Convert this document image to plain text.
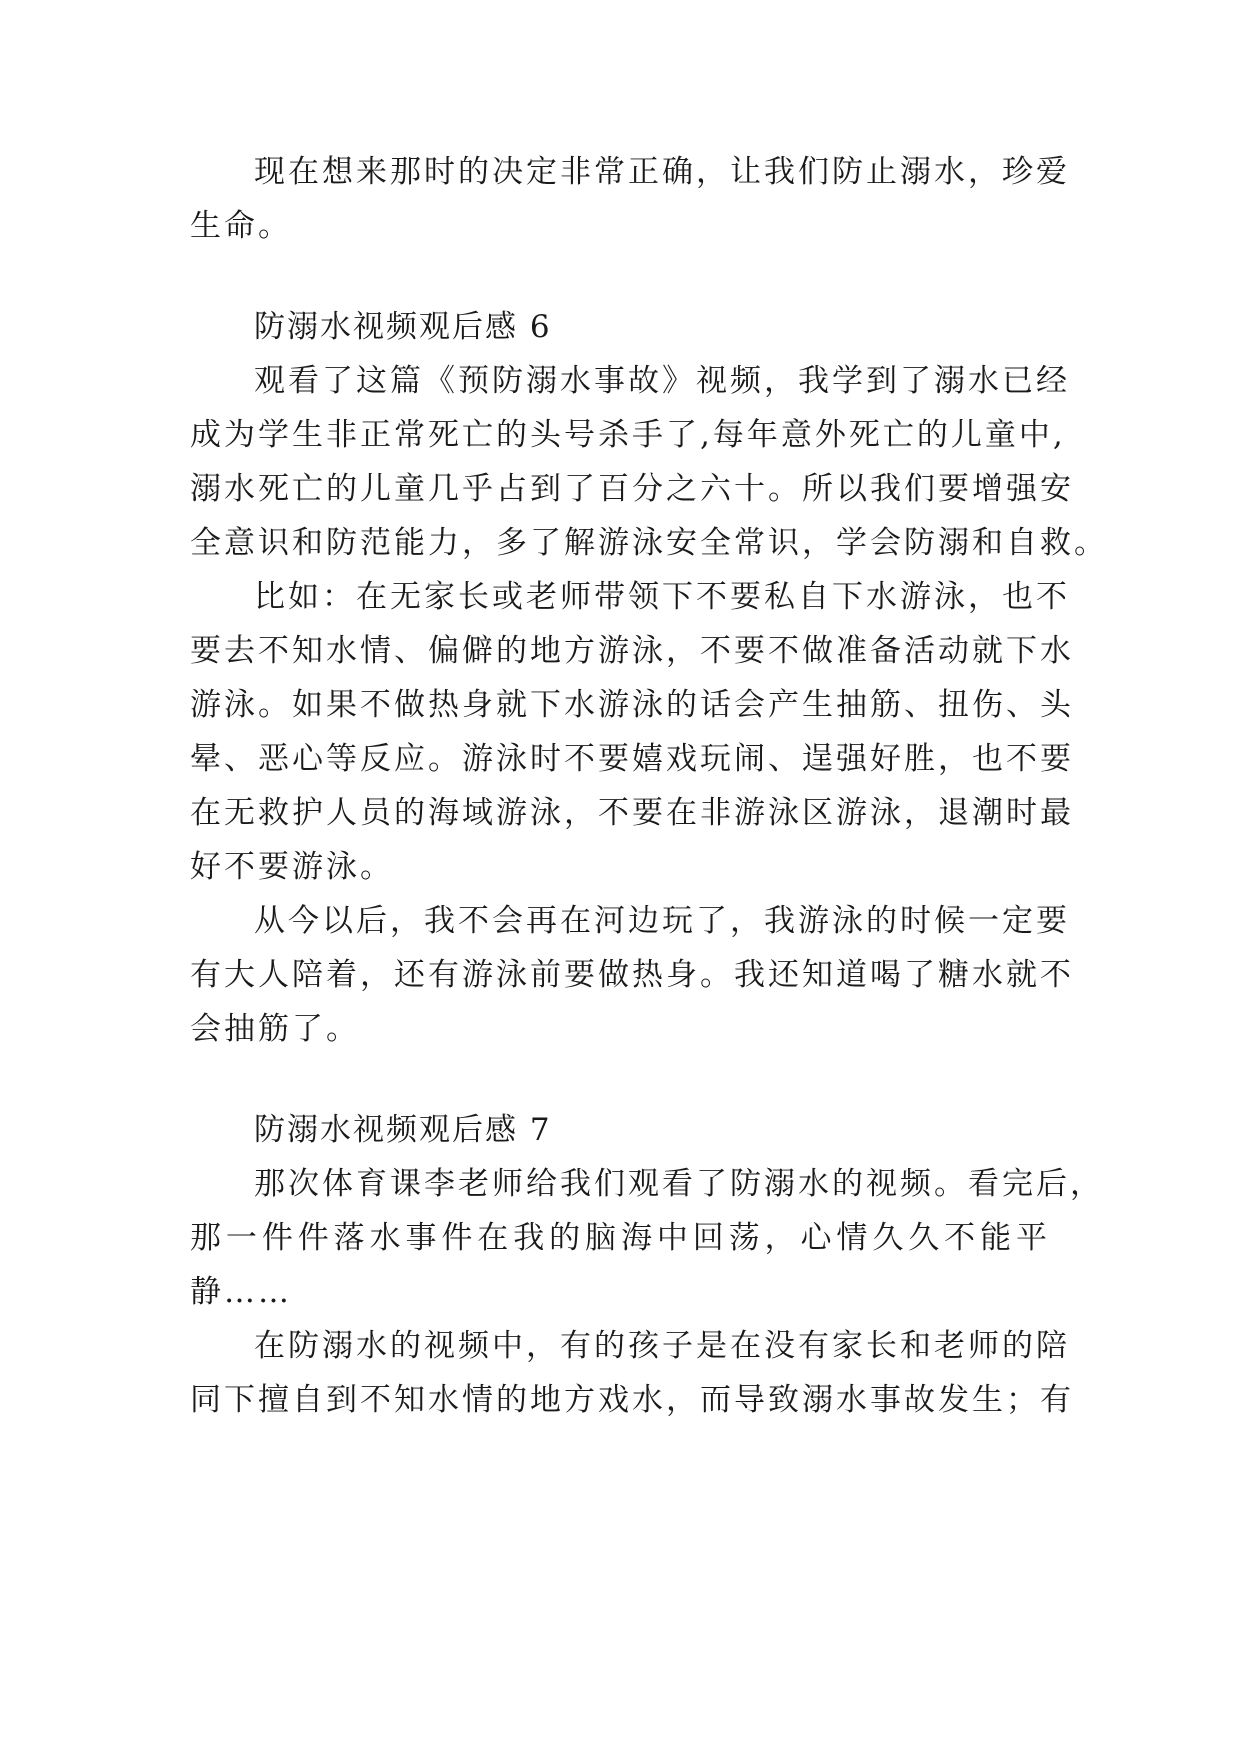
现在想来那时的决定非常正确，让我们防止溺水，珍爱
生命。
防溺水视频观后感 6
观看了这篇《预防溺水事故》视频，我学到了溺水已经
成为学生非正常死亡的头号杀手了,每年意外死亡的儿童中,
溺水死亡的儿童几乎占到了百分之六十。所以我们要增强安
全意识和防范能力，多了解游泳安全常识，学会防溺和自救。
比如：在无家长或老师带领下不要私自下水游泳，也不
要去不知水情、偏僻的地方游泳，不要不做准备活动就下水
游泳。如果不做热身就下水游泳的话会产生抽筋、扭伤、头
晕、恶心等反应。游泳时不要嬉戏玩闹、逞强好胜，也不要
在无救护人员的海域游泳，不要在非游泳区游泳，退潮时最
好不要游泳。
从今以后，我不会再在河边玩了，我游泳的时候一定要
有大人陪着，还有游泳前要做热身。我还知道喝了糖水就不
会抽筋了。
防溺水视频观后感 7
那次体育课李老师给我们观看了防溺水的视频。看完后，
那一件件落水事件在我的脑海中回荡，心情久久不能平
静……
在防溺水的视频中，有的孩子是在没有家长和老师的陪
同下擅自到不知水情的地方戏水，而导致溺水事故发生；有
